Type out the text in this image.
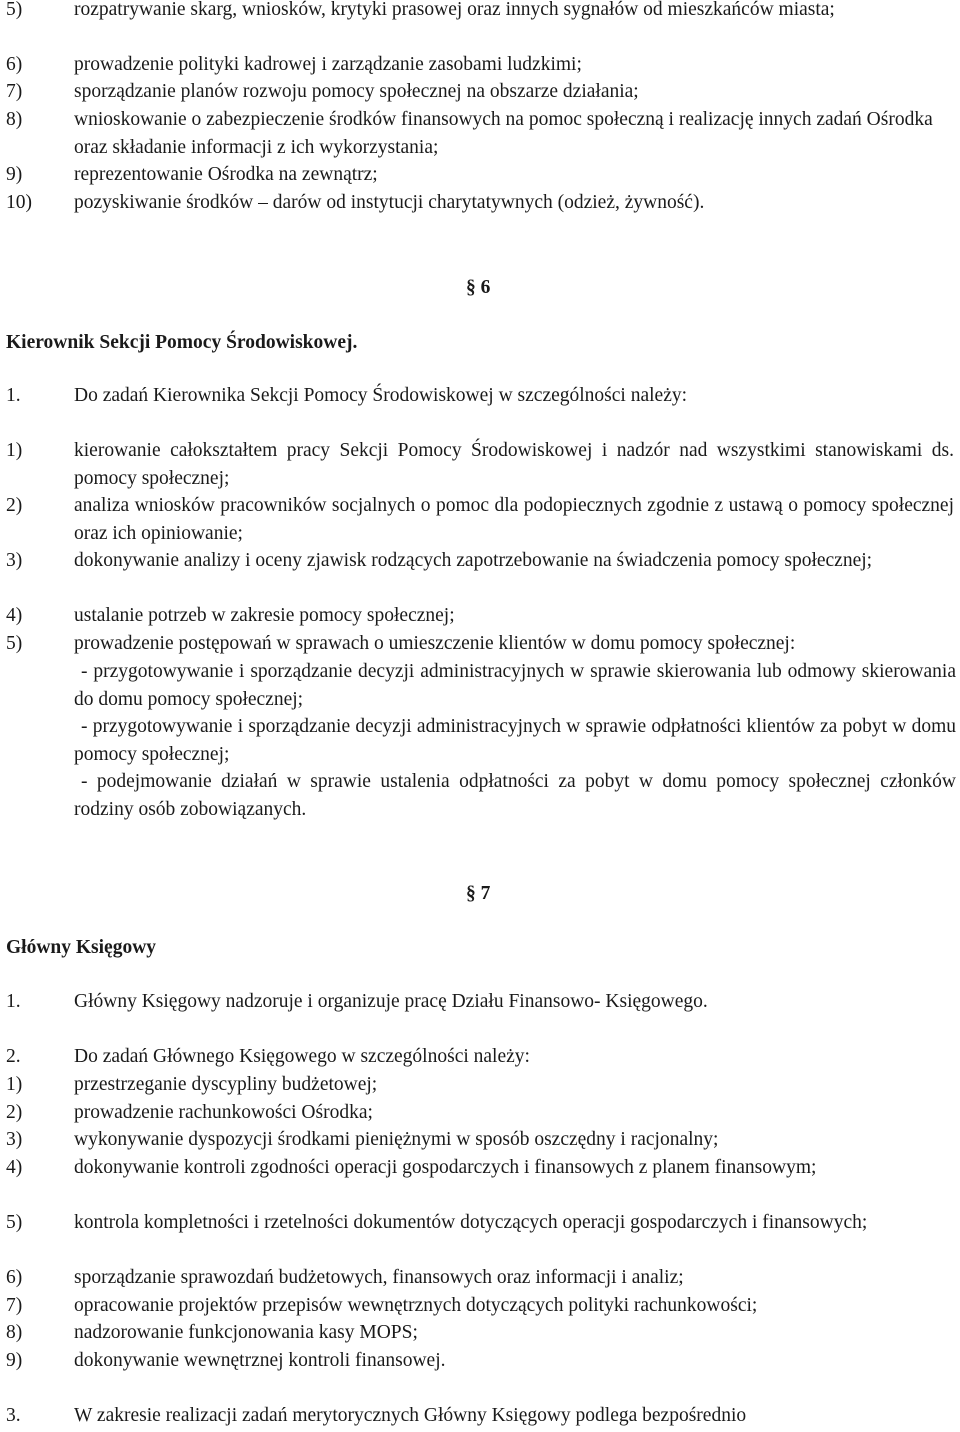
5)	rozpatrywanie skarg, wniosków, krytyki prasowej oraz innych sygnałów od mieszkańców miasta;
6)	prowadzenie polityki kadrowej i zarządzanie zasobami ludzkimi;
7)	sporządzanie planów rozwoju pomocy społecznej na obszarze działania;
8)	wnioskowanie o zabezpieczenie środków finansowych na pomoc społeczną i realizację innych zadań Ośrodka oraz składanie informacji z ich wykorzystania;
9)	reprezentowanie Ośrodka na zewnątrz;
10) pozyskiwanie środków – darów od instytucji charytatywnych (odzież, żywność).
§ 6
Kierownik Sekcji Pomocy Środowiskowej.
1.	Do zadań Kierownika Sekcji Pomocy Środowiskowej w szczególności należy:
1)	kierowanie całokształtem pracy Sekcji Pomocy Środowiskowej i nadzór nad wszystkimi stanowiskami ds. pomocy społecznej;
2)	analiza wniosków pracowników socjalnych o pomoc dla podopiecznych zgodnie z ustawą o pomocy społecznej oraz ich opiniowanie;
3)	dokonywanie analizy i oceny zjawisk rodzących zapotrzebowanie na świadczenia pomocy społecznej;
4)	ustalanie potrzeb w zakresie pomocy społecznej;
5)	prowadzenie postępowań w sprawach o umieszczenie klientów w domu pomocy społecznej:
- przygotowywanie i sporządzanie decyzji administracyjnych w sprawie skierowania lub odmowy skierowania do domu pomocy społecznej;
- przygotowywanie i sporządzanie decyzji administracyjnych w sprawie odpłatności klientów za pobyt w domu pomocy społecznej;
- podejmowanie działań w sprawie ustalenia odpłatności za pobyt w domu pomocy społecznej członków rodziny osób zobowiązanych.
§ 7
Główny Księgowy
1.	Główny Księgowy nadzoruje i organizuje pracę Działu Finansowo- Księgowego.
2.	Do zadań Głównego Księgowego w szczególności należy:
1)	przestrzeganie dyscypliny budżetowej;
2)	prowadzenie rachunkowości Ośrodka;
3)	wykonywanie dyspozycji środkami pieniężnymi w sposób oszczędny i racjonalny;
4)	dokonywanie kontroli zgodności operacji gospodarczych i finansowych z planem finansowym;
5)	kontrola kompletności i rzetelności dokumentów dotyczących operacji gospodarczych i finansowych;
6)	sporządzanie sprawozdań budżetowych, finansowych oraz informacji i analiz;
7)	opracowanie projektów przepisów wewnętrznych dotyczących polityki rachunkowości;
8)	nadzorowanie funkcjonowania kasy MOPS;
9)	dokonywanie wewnętrznej kontroli finansowej.
3.	W zakresie realizacji zadań merytorycznych Główny Księgowy podlega bezpośrednio
